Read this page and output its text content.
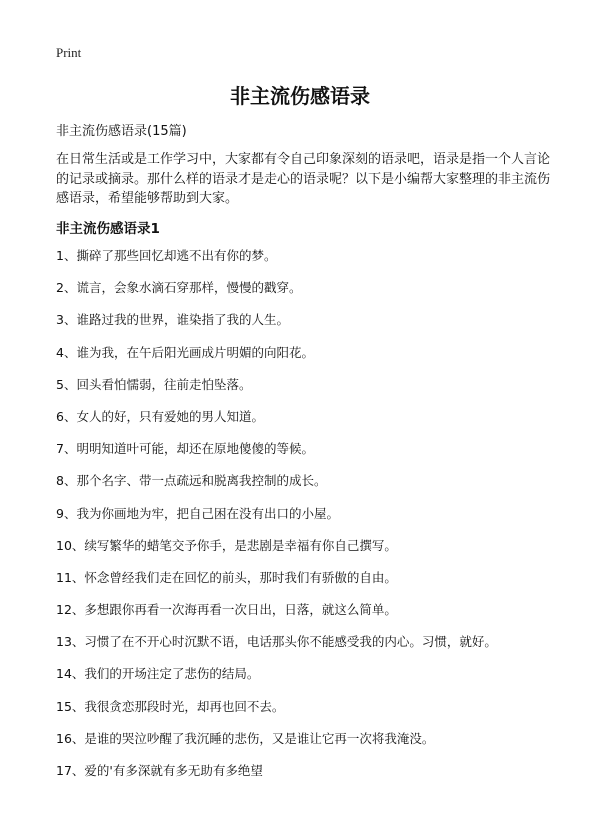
Print
非主流伤感语录
非主流伤感语录(15篇)

在日常生活或是工作学习中，大家都有令自己印象深刻的语录吧，语录是指一个人言论的记录或摘录。那什么样的语录才是走心的语录呢？以下是小编帮大家整理的非主流伤感语录，希望能够帮助到大家。

非主流伤感语录1
1、撕碎了那些回忆却逃不出有你的梦。
2、谎言，会象水滴石穿那样，慢慢的戳穿。
3、谁路过我的世界，谁染指了我的人生。
4、谁为我，在午后阳光画成片明媚的向阳花。
5、回头看怕懦弱，往前走怕坠落。
6、女人的好，只有爱她的男人知道。
7、明明知道叶可能，却还在原地傻傻的等候。
8、那个名字、带一点疏远和脱离我控制的成长。
9、我为你画地为牢，把自己困在没有出口的小屋。
10、续写繁华的蜡笔交予你手，是悲剧是幸福有你自己撰写。
11、怀念曾经我们走在回忆的前头，那时我们有骄傲的自由。
12、多想跟你再看一次海再看一次日出，日落，就这么简单。
13、习惯了在不开心时沉默不语，电话那头你不能感受我的内心。习惯，就好。
14、我们的开场注定了悲伤的结局。
15、我很贪恋那段时光，却再也回不去。
16、是谁的哭泣吵醒了我沉睡的悲伤，又是谁让它再一次将我淹没。
17、爱的'有多深就有多无助有多绝望
